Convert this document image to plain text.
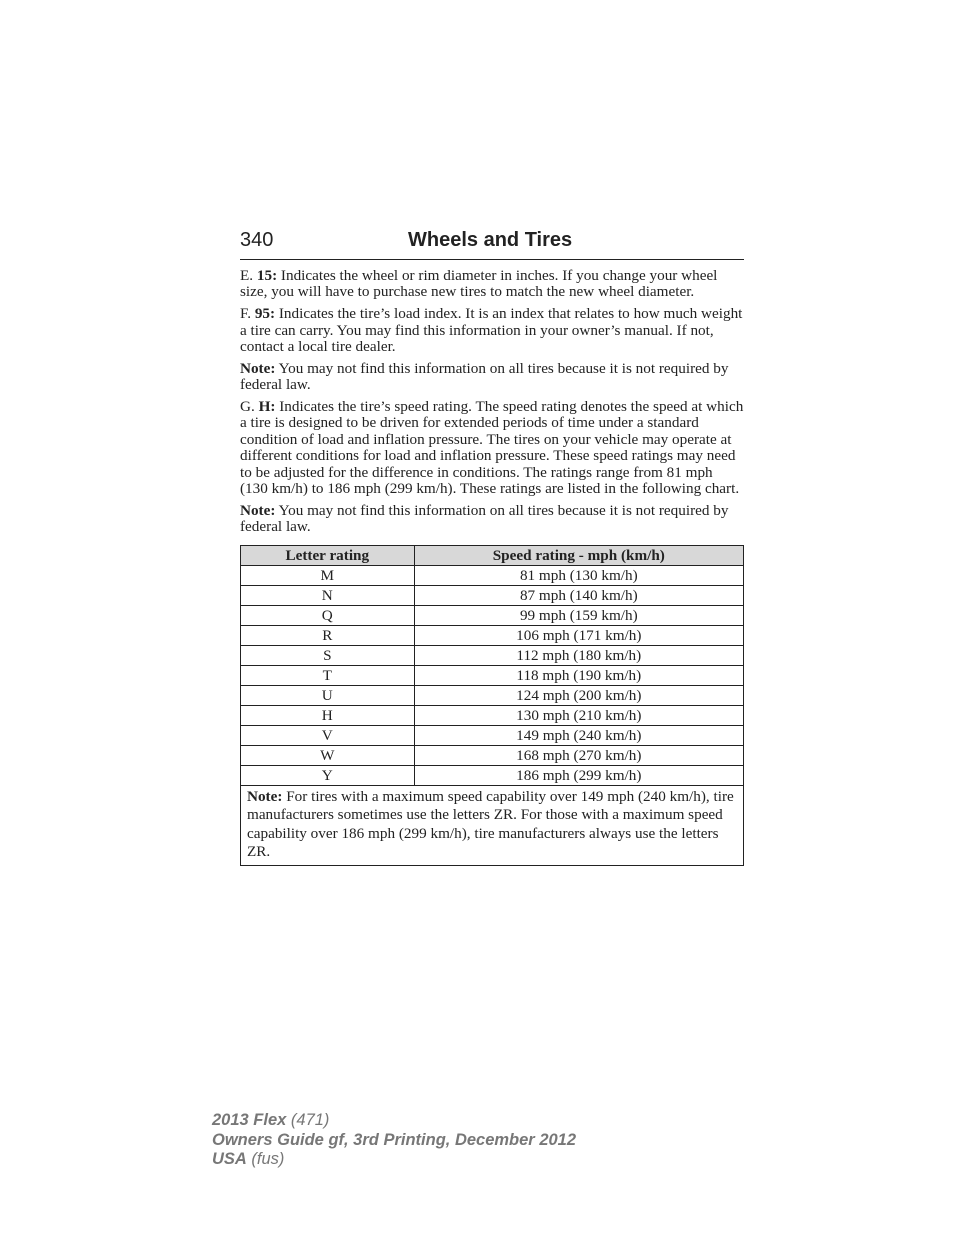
340	Wheels and Tires

E. 15: Indicates the wheel or rim diameter in inches. If you change your wheel size, you will have to purchase new tires to match the new wheel diameter.

F. 95: Indicates the tire’s load index. It is an index that relates to how much weight a tire can carry. You may find this information in your owner’s manual. If not, contact a local tire dealer.

Note: You may not find this information on all tires because it is not required by federal law.

G. H: Indicates the tire’s speed rating. The speed rating denotes the speed at which a tire is designed to be driven for extended periods of time under a standard condition of load and inflation pressure. The tires on your vehicle may operate at different conditions for load and inflation pressure. These speed ratings may need to be adjusted for the difference in conditions. The ratings range from 81 mph (130 km/h) to 186 mph (299 km/h). These ratings are listed in the following chart.

Note: You may not find this information on all tires because it is not required by federal law.

Letter rating	Speed rating - mph (km/h)
M	81 mph (130 km/h)
N	87 mph (140 km/h)
Q	99 mph (159 km/h)
R	106 mph (171 km/h)
S	112 mph (180 km/h)
T	118 mph (190 km/h)
U	124 mph (200 km/h)
H	130 mph (210 km/h)
V	149 mph (240 km/h)
W	168 mph (270 km/h)
Y	186 mph (299 km/h)
Note: For tires with a maximum speed capability over 149 mph (240 km/h), tire manufacturers sometimes use the letters ZR. For those with a maximum speed capability over 186 mph (299 km/h), tire manufacturers always use the letters ZR.	
2013 Flex (471)
Owners Guide gf, 3rd Printing, December 2012
USA (fus)
